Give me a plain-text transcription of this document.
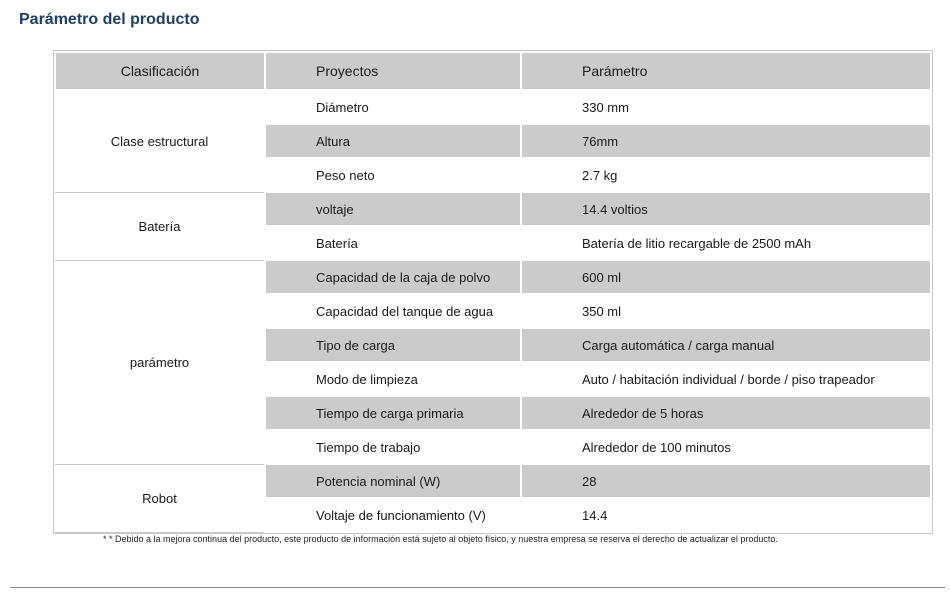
Parámetro del producto
Clasificación	Proyectos	Parámetro
Clase estructural	Diámetro	330 mm
	Altura	76mm
	Peso neto	2.7 kg
Batería	voltaje	14.4 voltios
	Batería	Batería de litio recargable de 2500 mAh
parámetro	Capacidad de la caja de polvo	600 ml
	Capacidad del tanque de agua	350 ml
	Tipo de carga	Carga automática / carga manual
	Modo de limpieza	Auto / habitación individual / borde / piso trapeador
	Tiempo de carga primaria	Alrededor de 5 horas
	Tiempo de trabajo	Alrededor de 100 minutos
Robot	Potencia nominal (W)	28
	Voltaje de funcionamiento (V)	14.4
* * Debido a la mejora continua del producto, este producto de información está sujeto al objeto físico, y nuestra empresa se reserva el derecho de actualizar el producto.
